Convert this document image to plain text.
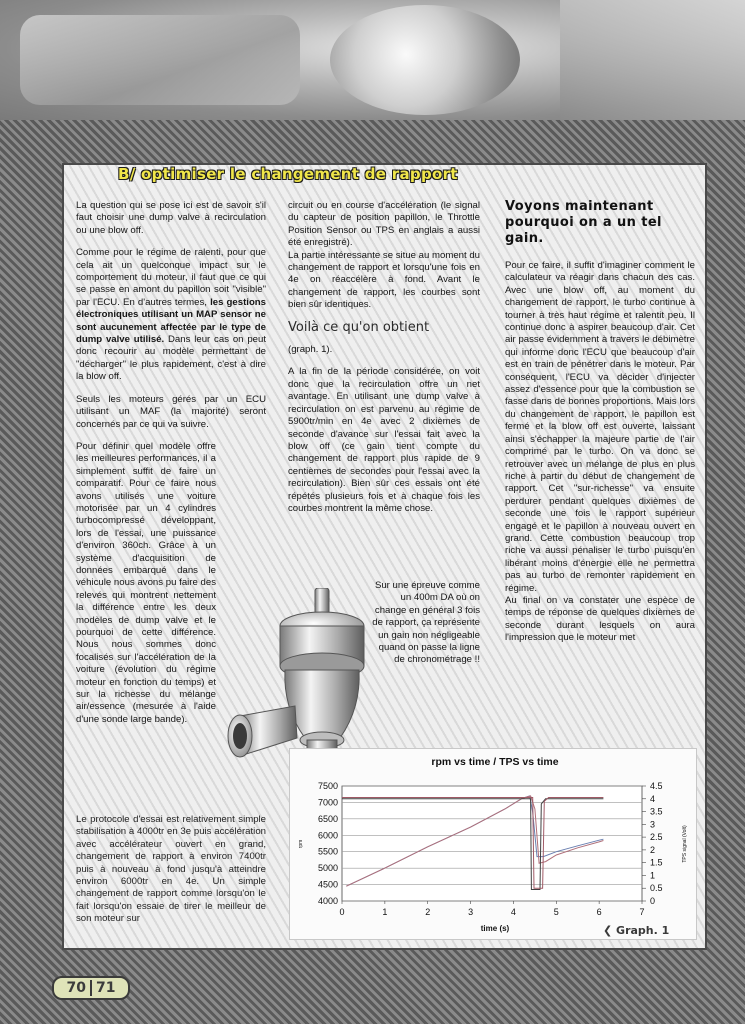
B/ optimiser le changement de rapport

La question qui se pose ici est de savoir s'il faut choisir une dump valve à recirculation ou une blow off.

Comme pour le régime de ralenti, pour que cela ait un quelconque impact sur le comportement du moteur, il faut que ce qui se passe en amont du papillon soit "visible" par l'ECU. En d'autres termes, les gestions électroniques utilisant un MAP sensor ne sont aucunement affectée par le type de dump valve utilisé. Dans leur cas on peut donc recourir au modèle permettant de "décharger" le plus rapidement, c'est à dire la blow off.

Seuls les moteurs gérés par un ECU utilisant un MAF (la majorité) seront concernés par ce qui va suivre.

Pour définir quel modèle offre les meilleures performances, il a simplement suffit de faire un comparatif. Pour ce faire nous avons utilisés une voiture motorisée par un 4 cylindres turbocompressé développant, lors de l'essai, une puissance d'environ 360ch. Grâce à un système d'acquisition de données embarqué dans le véhicule nous avons pu faire des relevés qui montrent nettement la différence entre les deux modèles de dump valve et le pourquoi de cette différence. Nous nous sommes donc focalisés sur l'accélération de la voiture (évolution du régime moteur en fonction du temps) et sur la richesse du mélange air/essence (mesurée à l'aide d'une sonde large bande).

Le protocole d'essai est relativement simple stabilisation à 4000tr en 3e puis accélération avec accélérateur ouvert en grand, changement de rapport à environ 7400tr puis à nouveau à fond jusqu'à atteindre environ 6000tr en 4e. Un simple changement de rapport comme lorsqu'on le fait lorsqu'on essaie de tirer le meilleur de son moteur sur

circuit ou en course d'accélération (le signal du capteur de position papillon, le Throttle Position Sensor ou TPS en anglais a aussi été enregistré).

La partie intéressante se situe au moment du changement de rapport et lorsqu'une fois en 4e on réaccélère à fond. Avant le changement de rapport, les courbes sont bien sûr identiques.

Voilà ce qu'on obtient

(graph. 1).

A la fin de la période considérée, on voit donc que la recirculation offre un net avantage. En utilisant une dump valve à recirculation on est parvenu au régime de 5900tr/min en 4e avec 2 dixièmes de seconde d'avance sur l'essai fait avec la blow off (ce gain tient compte du changement de rapport plus rapide de 9 centièmes de secondes pour l'essai avec la recirculation). Bien sûr ces essais ont été répétés plusieurs fois et à chaque fois les courbes montrent la même chose.

Sur une épreuve comme un 400m DA où on change en général 3 fois de rapport, ça représente un gain non négligeable quand on passe la ligne de chronométrage !!

Voyons maintenant pourquoi on a un tel gain.

Pour ce faire, il suffit d'imaginer comment le calculateur va réagir dans chacun des cas. Avec une blow off, au moment du changement de rapport, le turbo continue à tourner à très haut régime et ralentit peu. Il continue donc à aspirer beaucoup d'air. Cet air passe évidemment à travers le débimètre qui informe donc l'ECU que beaucoup d'air est en train de pénétrer dans le moteur. Par conséquent, l'ECU va décider d'injecter assez d'essence pour que la combustion se fasse dans de bonnes proportions. Mais lors du changement de rapport, le papillon est fermé et la blow off est ouverte, laissant ainsi s'échapper la majeure partie de l'air comprimé par le turbo. On va donc se retrouver avec un mélange de plus en plus riche à partir du début de changement de rapport. Cet "sur-richesse" va ensuite perdurer pendant quelques dixièmes de seconde une fois le rapport supérieur engagé et le papillon à nouveau ouvert en grand. Cette combustion beaucoup trop riche va aussi pénaliser le turbo puisqu'en libérant moins d'énergie elle ne permettra pas au turbo de remonter rapidement en régime.

Au final on va constater une espèce de temps de réponse de quelques dixièmes de seconde durant lesquels on aura l'impression que le moteur met

rpm vs time / TPS vs time
time (s)
rpm	TPS signal (Volt)
4000
4500
5000
5500
6000
6500
7000
7500
0
0.5
1
1.5
2
2.5
3
3.5
4
4.5
0	1	2	3	4	5	6	7
❮ Graph. 1
70 71
